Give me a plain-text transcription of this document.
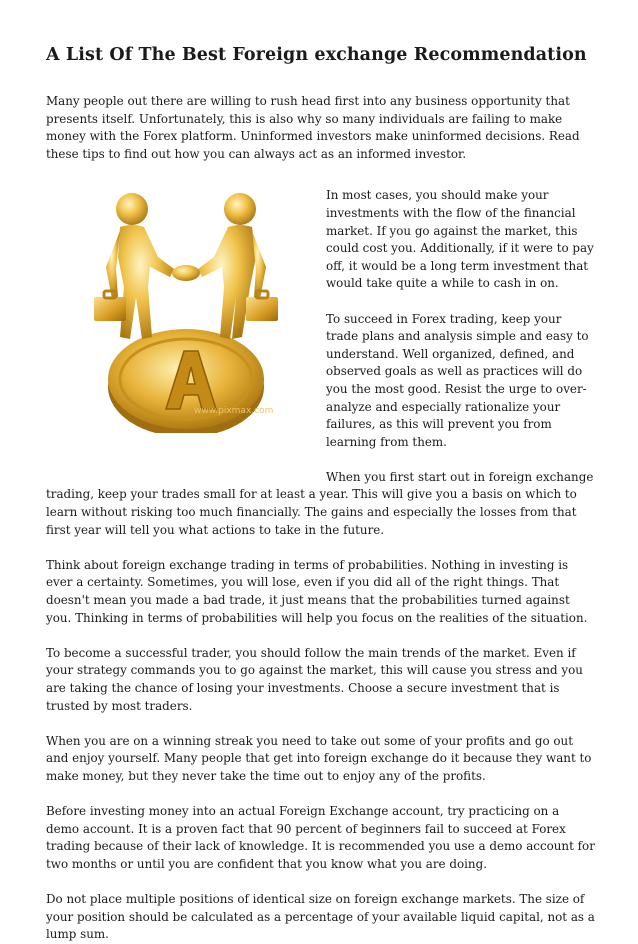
A List Of The Best Foreign exchange Recommendation

Many people out there are willing to rush head first into any business opportunity that presents itself. Unfortunately, this is also why so many individuals are failing to make money with the Forex platform. Uninformed investors make uninformed decisions. Read these tips to find out how you can always act as an informed investor.

www.pixmax.com

In most cases, you should make your investments with the flow of the financial market. If you go against the market, this could cost you. Additionally, if it were to pay off, it would be a long term investment that would take quite a while to cash in on.

To succeed in Forex trading, keep your trade plans and analysis simple and easy to understand. Well organized, defined, and observed goals as well as practices will do you the most good. Resist the urge to over-analyze and especially rationalize your failures, as this will prevent you from learning from them.

When you first start out in foreign exchange trading, keep your trades small for at least a year. This will give you a basis on which to learn without risking too much financially. The gains and especially the losses from that first year will tell you what actions to take in the future.

Think about foreign exchange trading in terms of probabilities. Nothing in investing is ever a certainty. Sometimes, you will lose, even if you did all of the right things. That doesn't mean you made a bad trade, it just means that the probabilities turned against you. Thinking in terms of probabilities will help you focus on the realities of the situation.

To become a successful trader, you should follow the main trends of the market. Even if your strategy commands you to go against the market, this will cause you stress and you are taking the chance of losing your investments. Choose a secure investment that is trusted by most traders.

When you are on a winning streak you need to take out some of your profits and go out and enjoy yourself. Many people that get into foreign exchange do it because they want to make money, but they never take the time out to enjoy any of the profits.

Before investing money into an actual Foreign Exchange account, try practicing on a demo account. It is a proven fact that 90 percent of beginners fail to succeed at Forex trading because of their lack of knowledge. It is recommended you use a demo account for two months or until you are confident that you know what you are doing.

Do not place multiple positions of identical size on foreign exchange markets. The size of your position should be calculated as a percentage of your available liquid capital, not as a lump sum.
